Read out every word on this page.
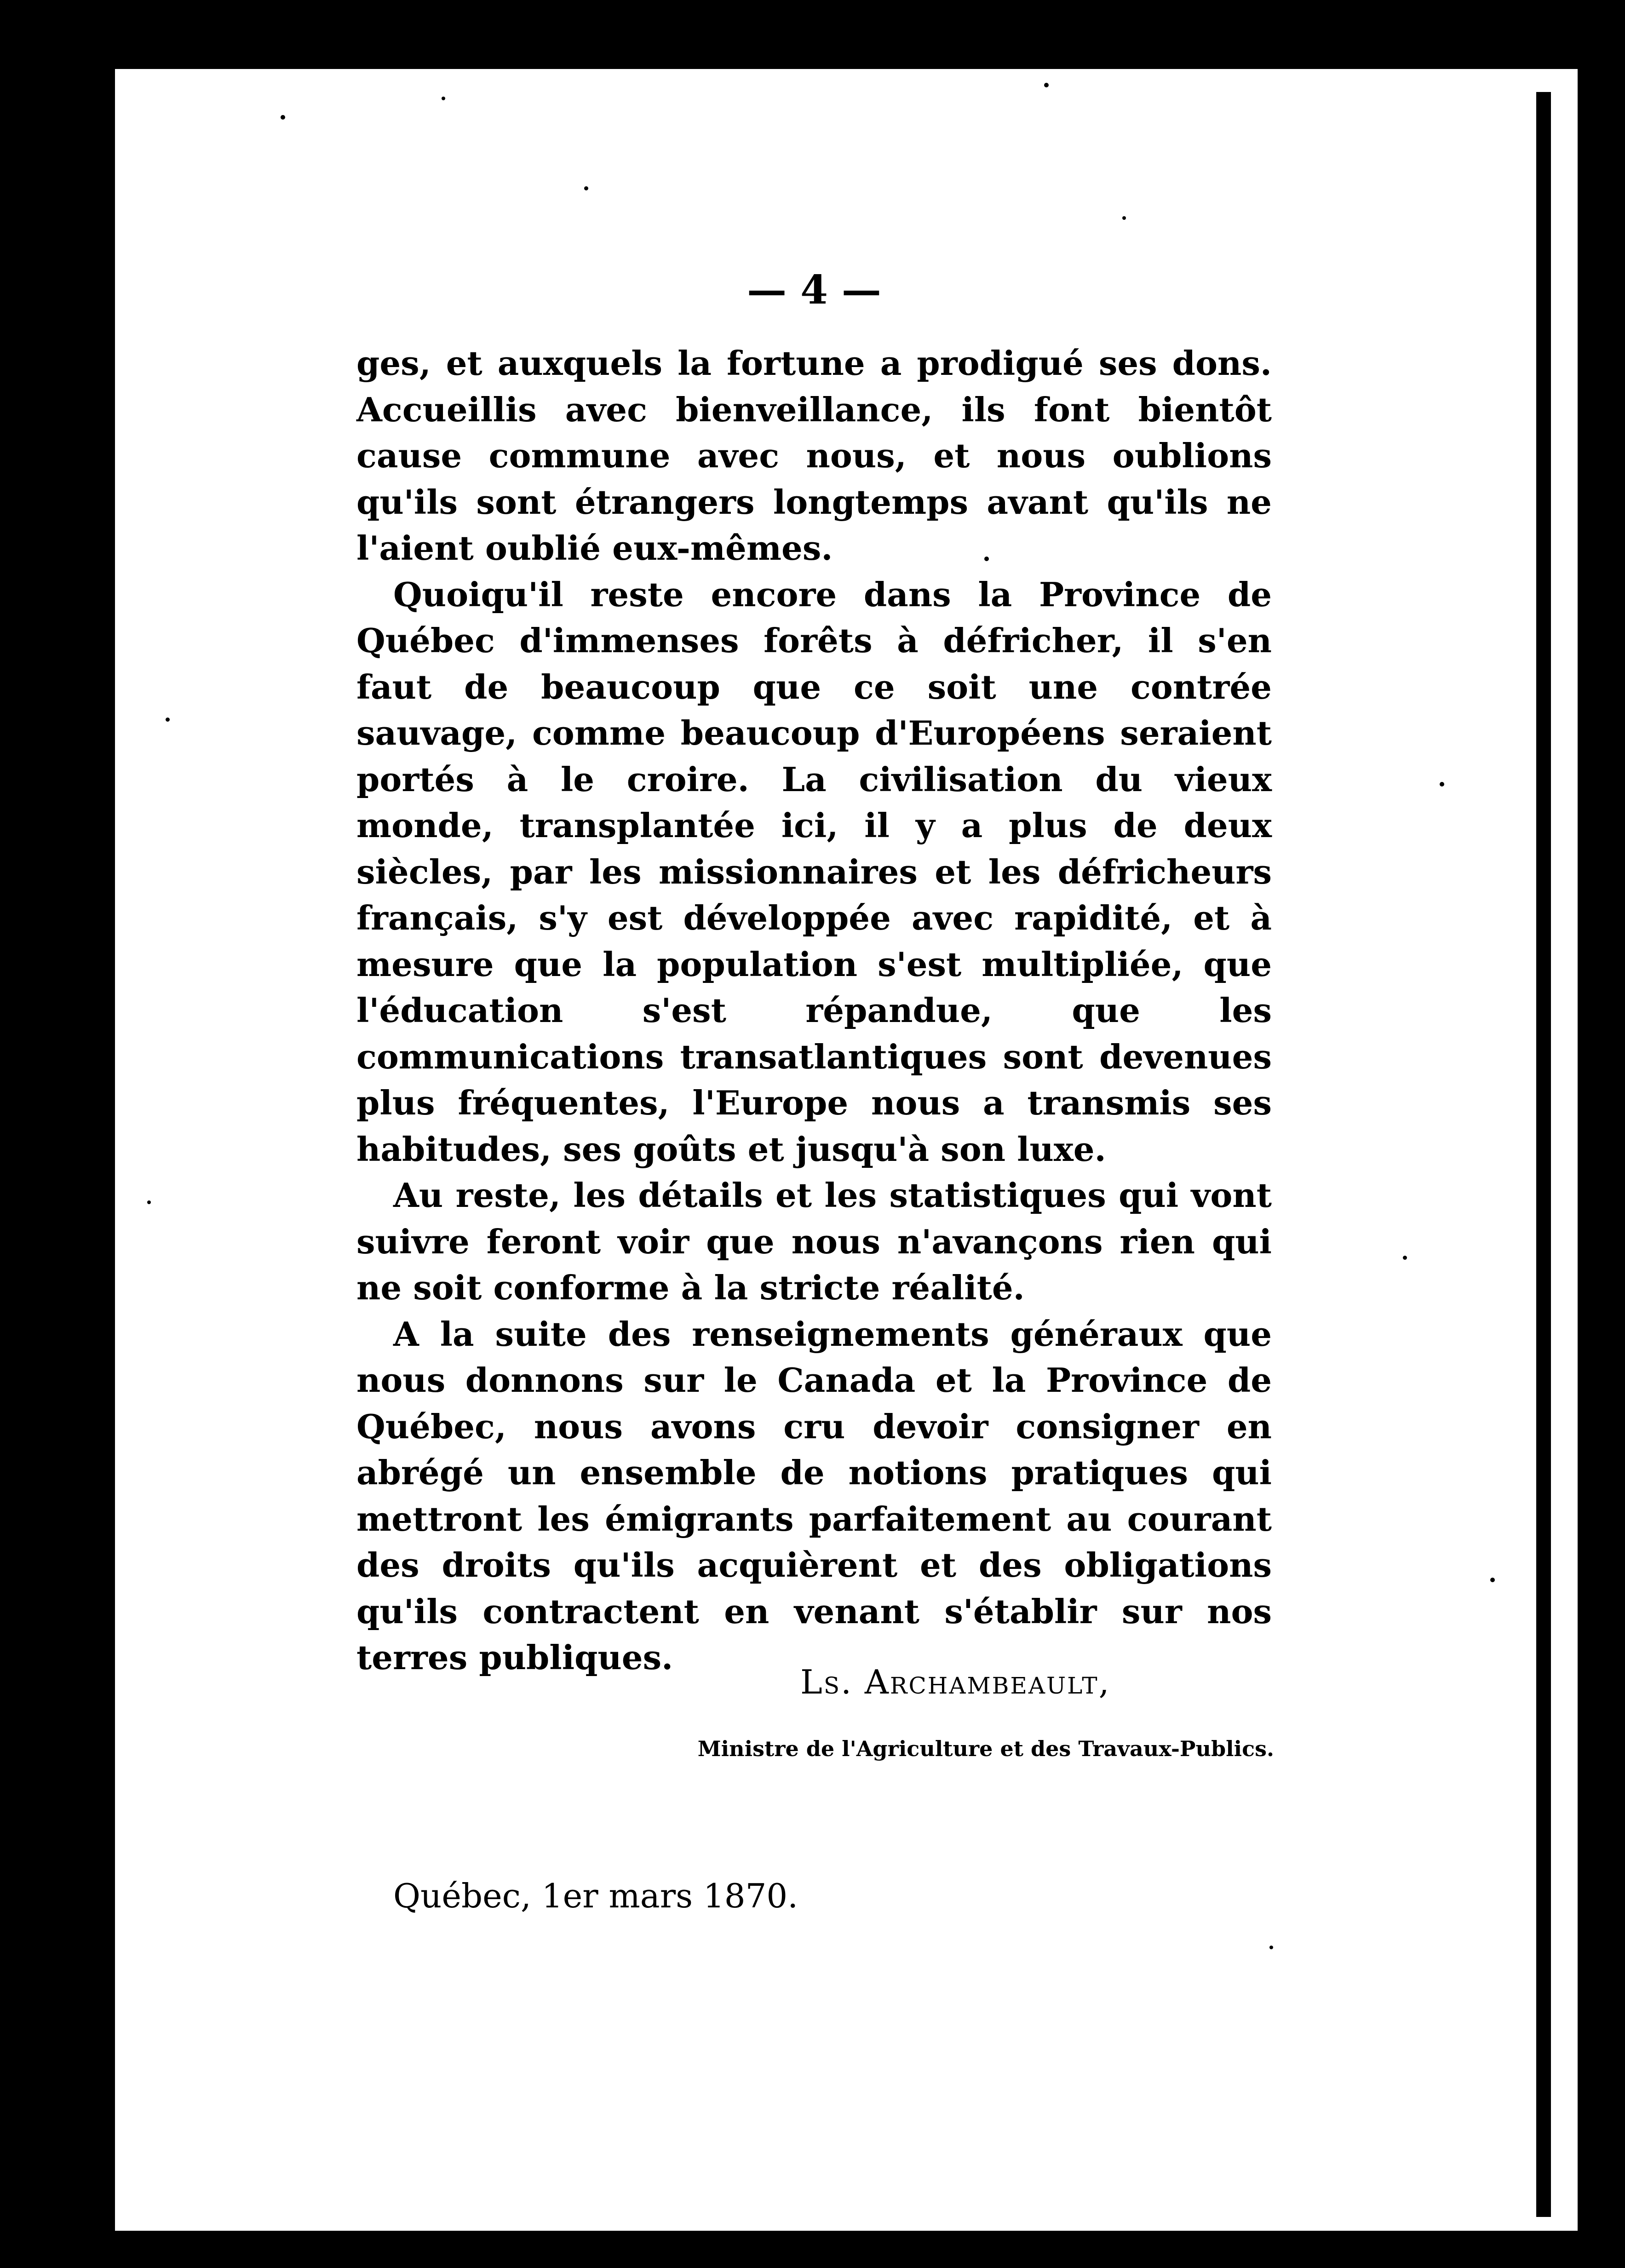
— 4 —

ges, et auxquels la fortune a prodigué ses dons. Accueillis avec bienveillance, ils font bientôt cause commune avec nous, et nous oublions qu'ils sont étrangers longtemps avant qu'ils ne l'aient oublié eux-mêmes.

Quoiqu'il reste encore dans la Province de Québec d'immenses forêts à défricher, il s'en faut de beaucoup que ce soit une contrée sauvage, comme beaucoup d'Européens seraient portés à le croire. La civilisation du vieux monde, transplantée ici, il y a plus de deux siècles, par les missionnaires et les défricheurs français, s'y est développée avec rapidité, et à mesure que la population s'est multipliée, que l'éducation s'est répandue, que les communications transatlantiques sont devenues plus fréquentes, l'Europe nous a transmis ses habitudes, ses goûts et jusqu'à son luxe.

Au reste, les détails et les statistiques qui vont suivre feront voir que nous n'avançons rien qui ne soit conforme à la stricte réalité.

A la suite des renseignements généraux que nous donnons sur le Canada et la Province de Québec, nous avons cru devoir consigner en abrégé un ensemble de notions pratiques qui mettront les émigrants parfaitement au courant des droits qu'ils acquièrent et des obligations qu'ils contractent en venant s'établir sur nos terres publiques.

Ls. Archambeault,
Ministre de l'Agriculture et des Travaux-Publics.
Québec, 1er mars 1870.
